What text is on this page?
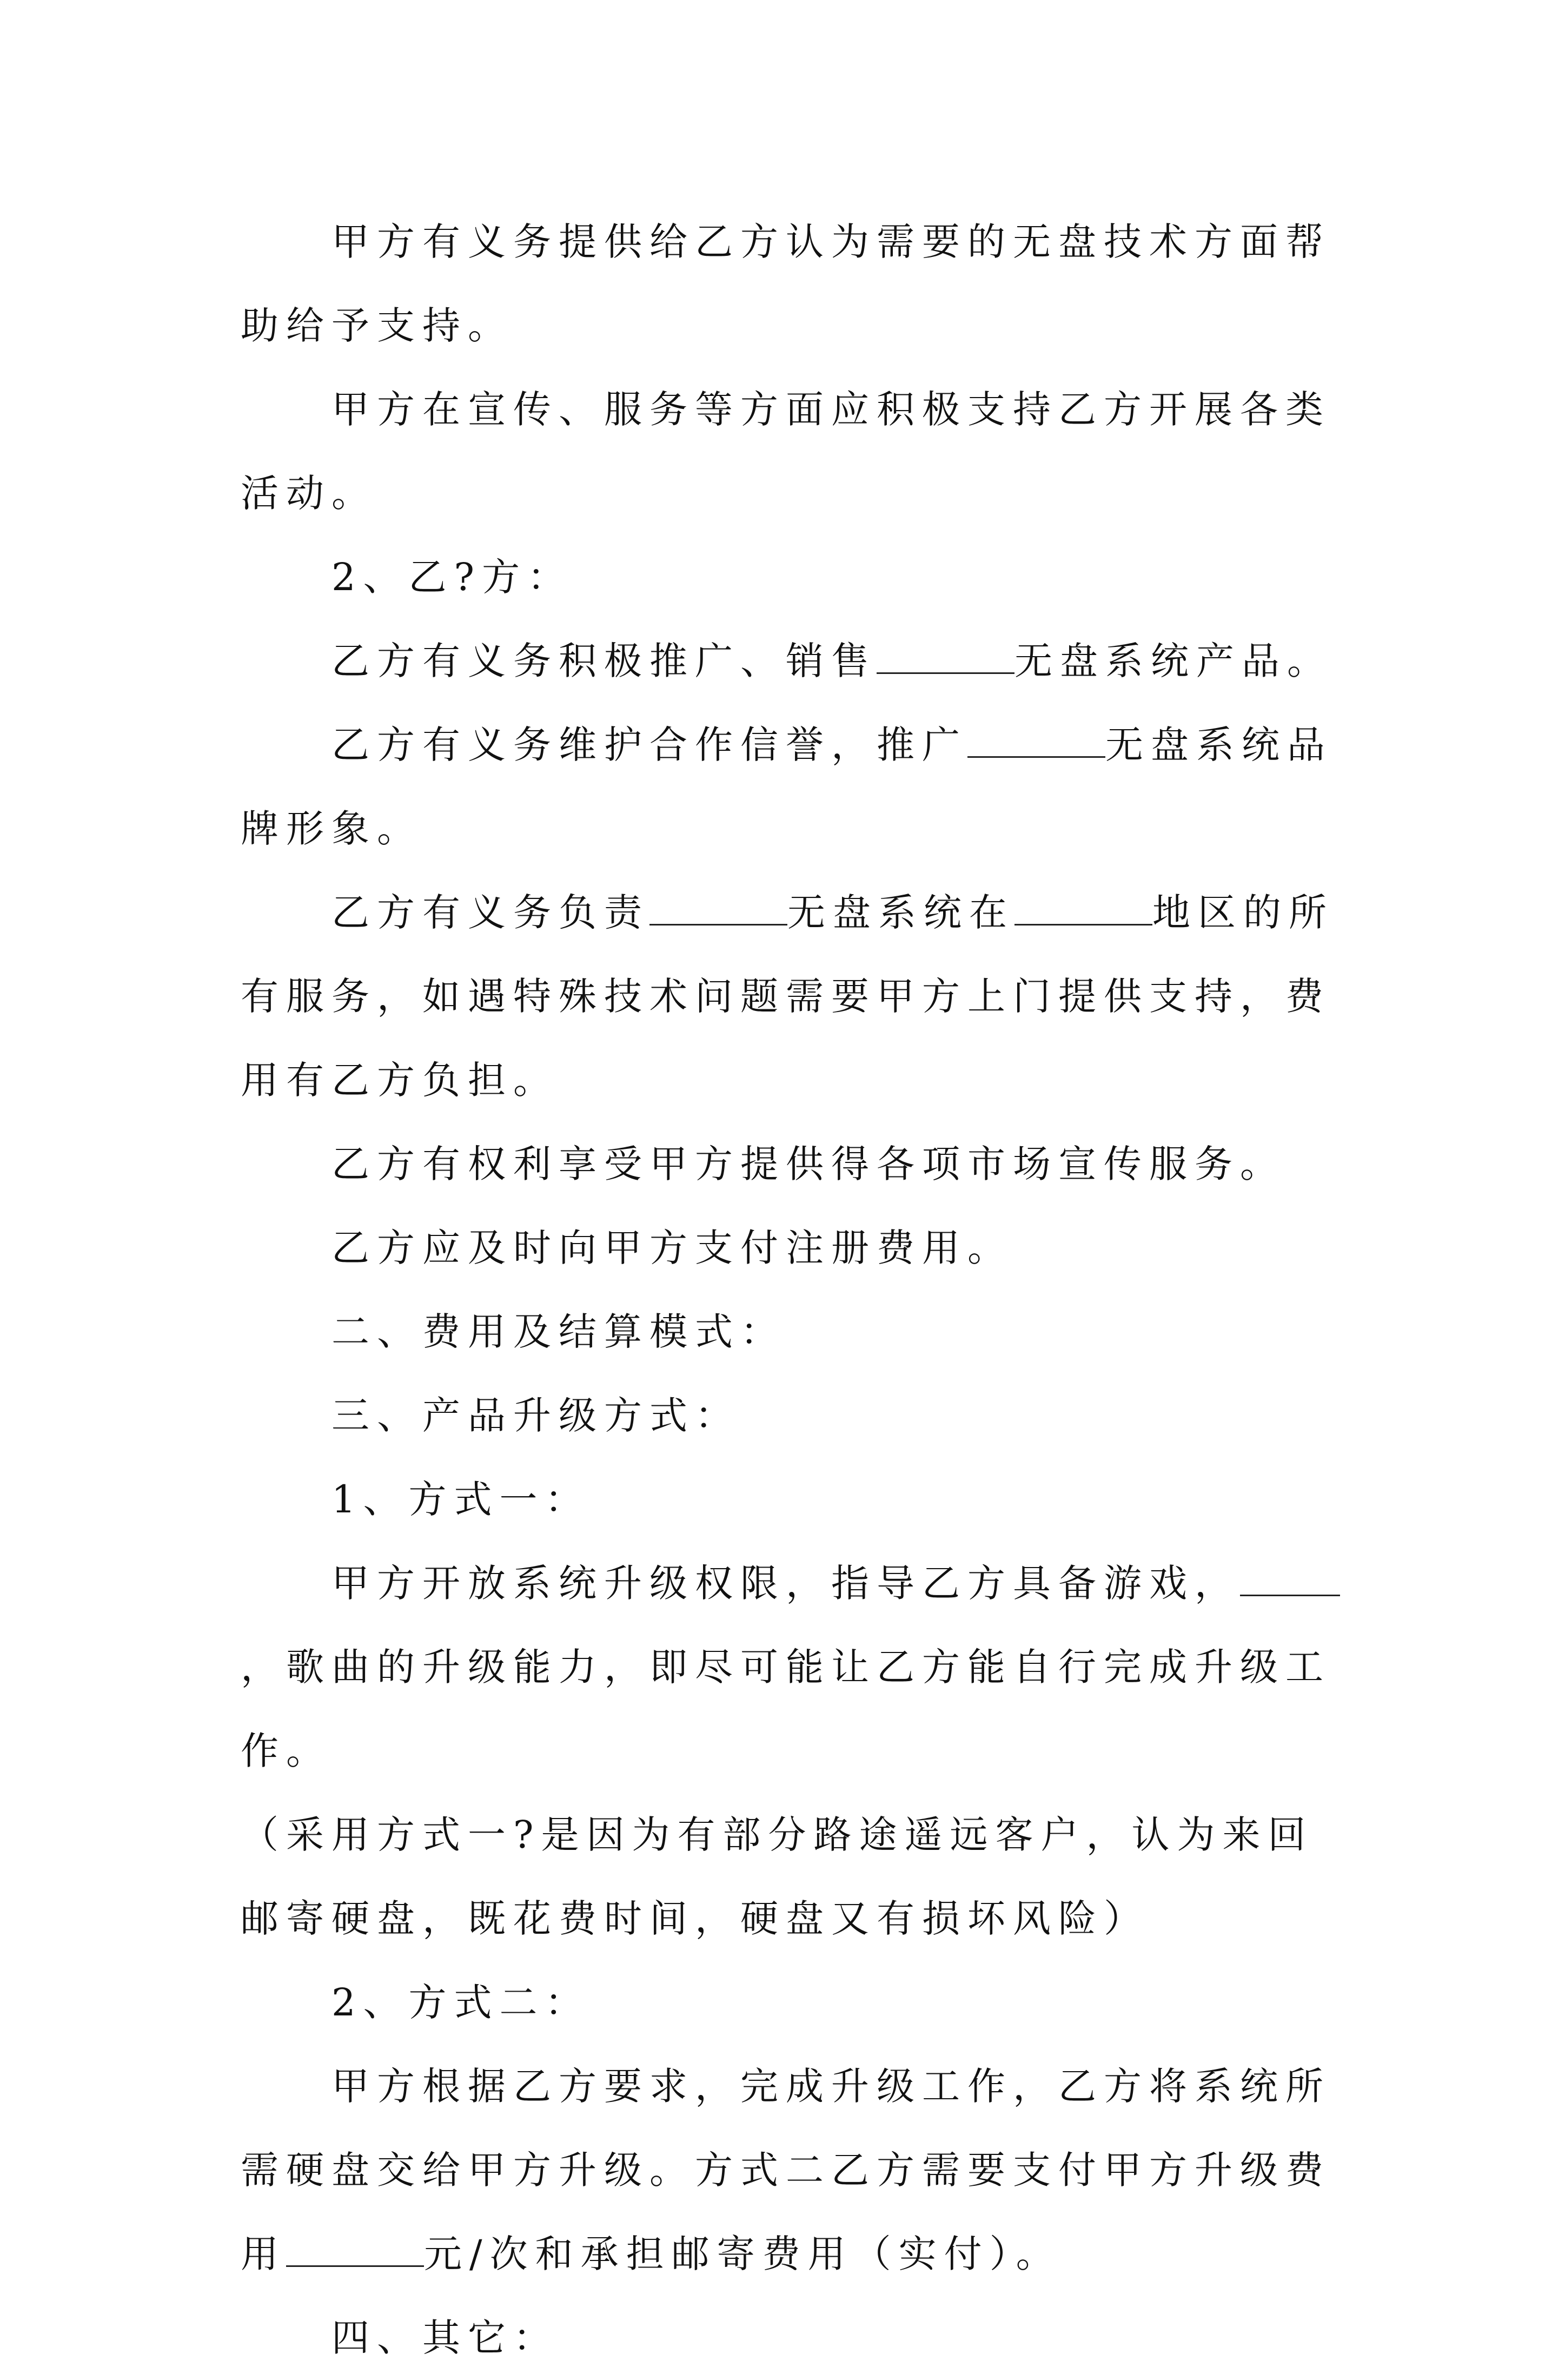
甲方有义务提供给乙方认为需要的无盘技术方面帮助给予支持。

甲方在宣传、服务等方面应积极支持乙方开展各类活动。

2、乙?方：

乙方有义务积极推广、销售	无盘系统产品。

乙方有义务维护合作信誉，推广	无盘系统品牌形象。

乙方有义务负责	无盘系统在	地区的所有服务，如遇特殊技术问题需要甲方上门提供支持，费用有乙方负担。

乙方有权利享受甲方提供得各项市场宣传服务。

乙方应及时向甲方支付注册费用。

二、费用及结算模式：

三、产品升级方式：

1、方式一：

甲方开放系统升级权限，指导乙方具备游戏，，歌曲的升级能力，即尽可能让乙方能自行完成升级工作。

（采用方式一?是因为有部分路途遥远客户，认为来回邮寄硬盘，既花费时间，硬盘又有损坏风险）

2、方式二：

甲方根据乙方要求，完成升级工作，乙方将系统所需硬盘交给甲方升级。方式二乙方需要支付甲方升级费用	元/次和承担邮寄费用（实付）。

四、其它：
